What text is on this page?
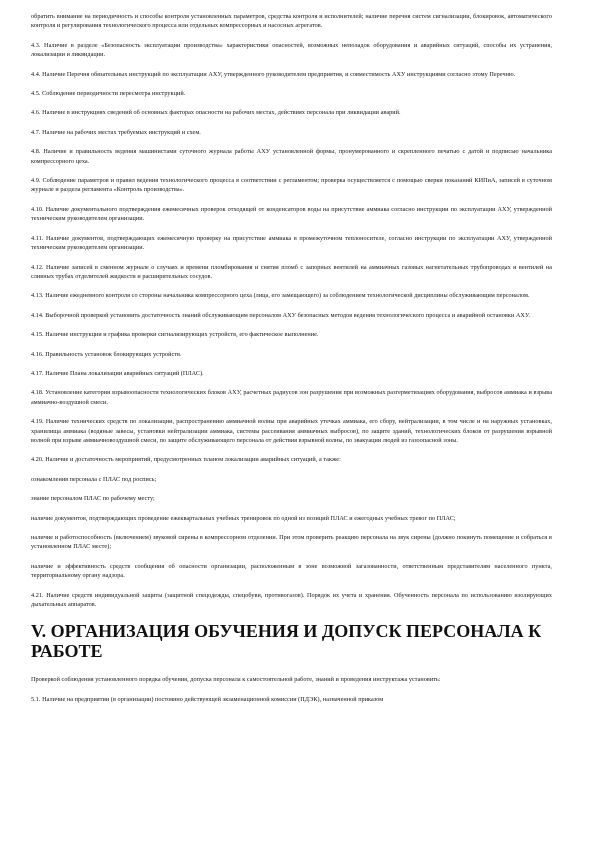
обратить внимание на периодичность и способы контроля установленных параметров, средства контроля и исполнителей; наличие перечня систем сигнализации, блокировок, автоматического контроля и регулирования технологического процесса или отдельных компрессорных и насосных агрегатов.

4.3. Наличие в разделе «Безопасность эксплуатации производства» характеристики опасностей, возможных неполадок оборудования и аварийных ситуаций, способы их устранения, локализации и ликвидации.

4.4. Наличие Перечня обязательных инструкций по эксплуатации АХУ, утвержденного руководителем предприятия, и совместимость АХУ инструкциями согласно этому Перечню.

4.5. Соблюдение периодичности пересмотра инструкций.

4.6. Наличие в инструкциях сведений об основных факторах опасности на рабочих местах, действиях персонала при ликвидации аварий.

4.7. Наличие на рабочих местах требуемых инструкций и схем.

4.8. Наличие и правильность ведения машинистами суточного журнала работы АХУ установленной формы, пронумерованного и скрепленного печатью с датой и подписью начальника компрессорного цеха.

4.9. Соблюдение параметров и правил ведения технологического процесса в соответствии с регламентом; проверка осуществляется с помощью сверки показаний КИПиА, записей в суточном журнале и раздела регламента «Контроль производства».

4.10. Наличие документального подтверждения ежемесячных проверок отходящей от конденсаторов воды на присутствие аммиака согласно инструкции по эксплуатации АХУ, утвержденной техническим руководителем организации.

4.11. Наличие документов, подтверждающих ежемесячную проверку на присутствие аммиака в промежуточном теплоносителе, согласно инструкции по эксплуатации АХУ, утвержденной техническим руководителем организации.

4.12. Наличие записей в сменном журнале о случаях и времени пломбирования и снятия пломб с запорных вентилей на аммиачных газовых нагнетательных трубопроводах и вентилей на сливных трубах отделителей жидкости и расширительных сосудов.

4.13. Наличие ежедневного контроля со стороны начальника компрессорного цеха (лица, его замещающего) за соблюдением технологической дисциплины обслуживающим персоналом.

4.14. Выборочной проверкой установить достаточность знаний обслуживающим персоналом АХУ безопасных методов ведения технологического процесса и аварийной остановки АХУ.

4.15. Наличие инструкции и графика проверки сигнализирующих устройств, его фактическое выполнение.

4.16. Правильность установок блокирующих устройств.

4.17. Наличие Плана локализации аварийных ситуаций (ПЛАС).

4.18. Установление категории взрывоопасности технологических блоков АХУ, расчетных радиусов зон разрушения при возможных разгерметизациях оборудования, выбросов аммиака и взрыва аммиачно-воздушной смеси.

4.19. Наличие технических средств по локализации, распространению аммиачной волны при аварийных утечках аммиака, его сбору, нейтрализации, в том числе и на наружных установках, хранилища аммиака (водяные завесы, установки нейтрализации аммиака, системы рассеивания аммиачных выбросов), по защите зданий, технологических блоков от разрушения взрывной волной при взрыве аммиачновоздушной смеси, по защите обслуживающего персонала от действия взрывной волны, по эвакуации людей из газоопасной зоны.

4.20. Наличие и достаточность мероприятий, предусмотренных планом локализации аварийных ситуаций, а также:

ознакомления персонала с ПЛАС под роспись;

знание персоналом ПЛАС по рабочему месту;

наличие документов, подтверждающих проведение ежеквартальных учебных тренировок по одной из позиций ПЛАС и ежегодных учебных тревог по ПЛАС;

наличие и работоспособность (включением) звуковой сирены в компрессорном отделении. При этом проверить реакцию персонала на звук сирены (должно покинуть помещение и собраться в установленном ПЛАС месте);

наличие и эффективность средств сообщения об опасности организации, расположенным в зоне возможной загазованности, ответственным представителям населенного пункта, территориальному органу надзора.

4.21. Наличие средств индивидуальной защиты (защитной спецодежды, спецобуви, противогазов). Порядок их учета и хранения. Обученность персонала по использованию изолирующих дыхательных аппаратов.

V. ОРГАНИЗАЦИЯ ОБУЧЕНИЯ И ДОПУСК ПЕРСОНАЛА К РАБОТЕ

Проверкой соблюдения установленного порядка обучения, допуска персонала к самостоятельной работе, знаний и проведения инструктажа установить:

5.1. Наличие на предприятии (в организации) постоянно действующей экзаменационной комиссии (ПДЭК), назначенной приказом
